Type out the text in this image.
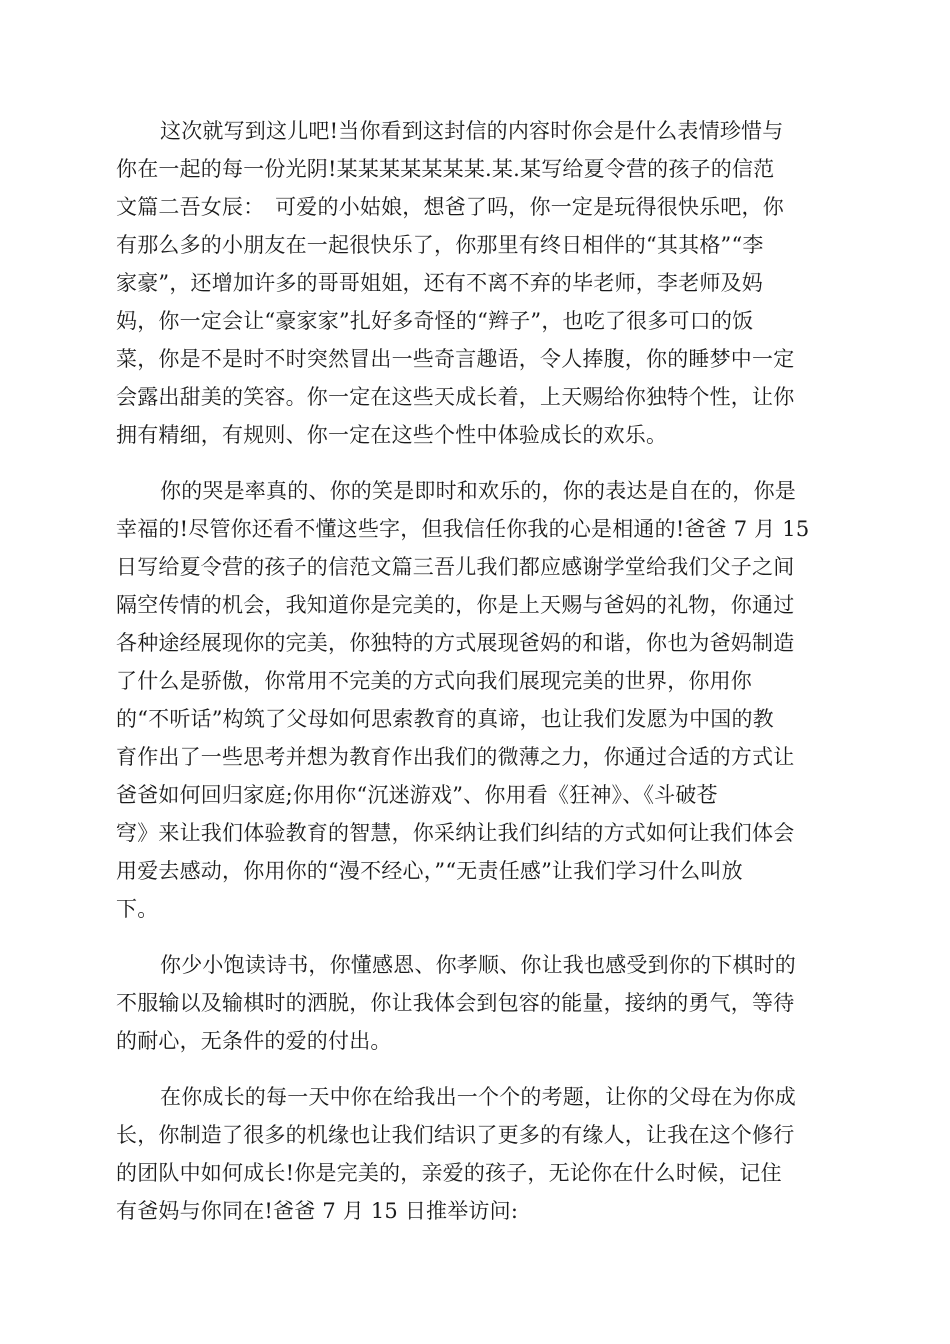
这次就写到这儿吧!当你看到这封信的内容时你会是什么表情珍惜与
你在一起的每一份光阴!某某某某某某某.某.某写给夏令营的孩子的信范
文篇二吾女辰：　可爱的小姑娘，想爸了吗，你一定是玩得很快乐吧，你
有那么多的小朋友在一起很快乐了，你那里有终日相伴的“其其格”“李
家豪”，还增加许多的哥哥姐姐，还有不离不弃的毕老师，李老师及妈
妈，你一定会让“豪家家”扎好多奇怪的“辫子”，也吃了很多可口的饭
菜，你是不是时不时突然冒出一些奇言趣语，令人捧腹，你的睡梦中一定
会露出甜美的笑容。你一定在这些天成长着，上天赐给你独特个性，让你
拥有精细，有规则、你一定在这些个性中体验成长的欢乐。
你的哭是率真的、你的笑是即时和欢乐的，你的表达是自在的，你是
幸福的!尽管你还看不懂这些字，但我信任你我的心是相通的!爸爸 7 月 15
日写给夏令营的孩子的信范文篇三吾儿我们都应感谢学堂给我们父子之间
隔空传情的机会，我知道你是完美的，你是上天赐与爸妈的礼物，你通过
各种途经展现你的完美，你独特的方式展现爸妈的和谐，你也为爸妈制造
了什么是骄傲，你常用不完美的方式向我们展现完美的世界，你用你
的“不听话”构筑了父母如何思索教育的真谛，也让我们发愿为中国的教
育作出了一些思考并想为教育作出我们的微薄之力，你通过合适的方式让
爸爸如何回归家庭;你用你“沉迷游戏”、你用看《狂神》、《斗破苍
穹》来让我们体验教育的智慧，你采纳让我们纠结的方式如何让我们体会
用爱去感动，你用你的“漫不经心，”“无责任感”让我们学习什么叫放
下。
你少小饱读诗书，你懂感恩、你孝顺、你让我也感受到你的下棋时的
不服输以及输棋时的洒脱，你让我体会到包容的能量，接纳的勇气，等待
的耐心，无条件的爱的付出。
在你成长的每一天中你在给我出一个个的考题，让你的父母在为你成
长，你制造了很多的机缘也让我们结识了更多的有缘人，让我在这个修行
的团队中如何成长!你是完美的，亲爱的孩子，无论你在什么时候，记住
有爸妈与你同在!爸爸 7 月 15 日推举访问:
